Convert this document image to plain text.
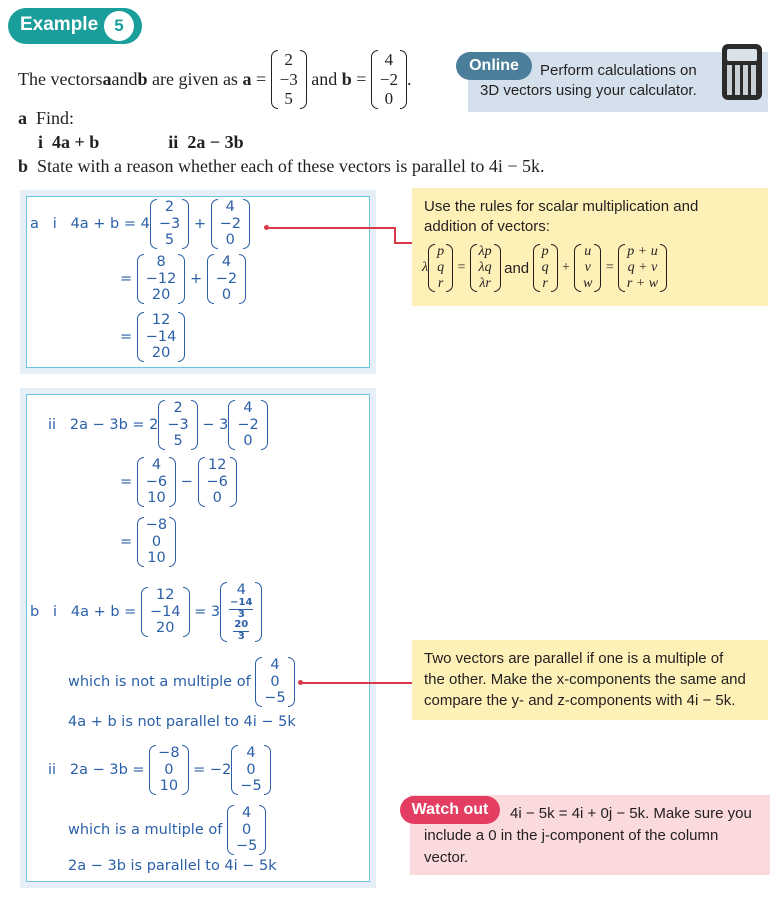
Example 5
The vectors a and b are given as a =
2
−3
5
and b =
4
−2
0
.
Online	Perform calculations on
3D vectors using your calculator.
a Find:
i 4a + b	ii 2a − 3b
b State with a reason whether each of these vectors is parallel to 4i − 5k.
a   i   4a + b = 4
2
−3
5

+

4
−2
0
=

8
−12
20

+

4
−2
0
=

12
−14
20
Use the rules for scalar multiplication and
addition of vectors:
λ
p
q
r
=
λp
λq
λr

and

p
q
r
+
u
v
w
=
p + u
q + v
r + w
ii   2a − 3b = 2
2
−3
5

− 3
4
−2
0
=

4
−6
10

−

12
−6
0
=

−8
0
10
b   i   4a + b =

12
−14
20

= 3
4
$\frac{-14}{3}$
$\frac{20}{3}$
which is not a multiple of

4
0
−5
4a + b is not parallel to 4i − 5k
Two vectors are parallel if one is a multiple of
the other. Make the x-components the same and
compare the y- and z-components with 4i − 5k.
ii   2a − 3b =

−8
0
10

= −2
4
0
−5
which is a multiple of

4
0
−5
2a − 3b is parallel to 4i − 5k
Watch out	4i − 5k = 4i + 0j − 5k. Make sure you
include a 0 in the j-component of the column
vector.
